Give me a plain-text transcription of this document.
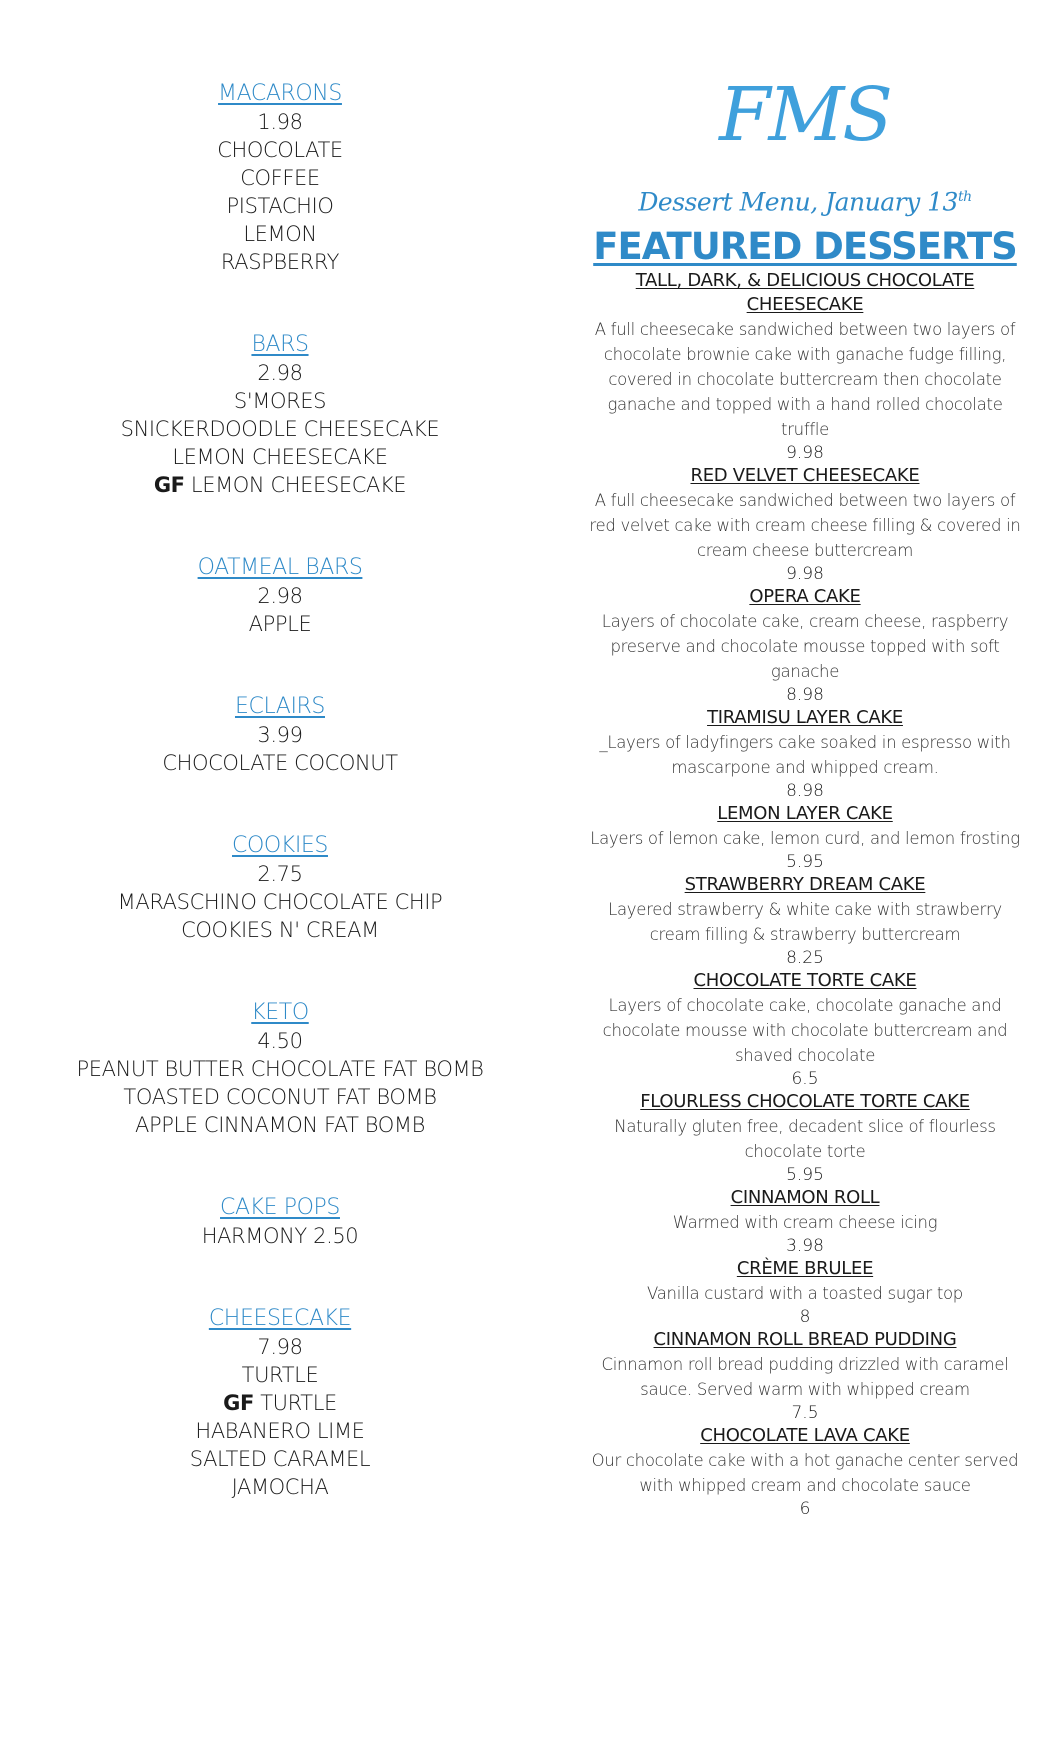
MACARONS
1.98
CHOCOLATE
COFFEE
PISTACHIO
LEMON
RASPBERRY
BARS
2.98
S'MORES
SNICKERDOODLE CHEESECAKE
LEMON CHEESECAKE
GF LEMON CHEESECAKE
OATMEAL BARS
2.98
APPLE
ECLAIRS
3.99
CHOCOLATE COCONUT
COOKIES
2.75
MARASCHINO CHOCOLATE CHIP
COOKIES N' CREAM
KETO
4.50
PEANUT BUTTER CHOCOLATE FAT BOMB
TOASTED COCONUT FAT BOMB
APPLE CINNAMON FAT BOMB
CAKE POPS
HARMONY 2.50
CHEESECAKE
7.98
TURTLE
GF TURTLE
HABANERO LIME
SALTED CARAMEL
JAMOCHA
FMS
Dessert Menu, January 13th
FEATURED DESSERTS
TALL, DARK, & DELICIOUS CHOCOLATE CHEESECAKE
A full cheesecake sandwiched between two layers of chocolate brownie cake with ganache fudge filling, covered in chocolate buttercream then chocolate ganache and topped with a hand rolled chocolate truffle
9.98
RED VELVET CHEESECAKE
A full cheesecake sandwiched between two layers of red velvet cake with cream cheese filling & covered in cream cheese buttercream
9.98
OPERA CAKE
Layers of chocolate cake, cream cheese, raspberry preserve and chocolate mousse topped with soft ganache
8.98
TIRAMISU LAYER CAKE
_Layers of ladyfingers cake soaked in espresso with mascarpone and whipped cream.
8.98
LEMON LAYER CAKE
Layers of lemon cake, lemon curd, and lemon frosting
5.95
STRAWBERRY DREAM CAKE
Layered strawberry & white cake with strawberry cream filling & strawberry buttercream
8.25
CHOCOLATE TORTE CAKE
Layers of chocolate cake, chocolate ganache and chocolate mousse with chocolate buttercream and shaved chocolate
6.5
FLOURLESS CHOCOLATE TORTE CAKE
Naturally gluten free, decadent slice of flourless chocolate torte
5.95
CINNAMON ROLL
Warmed with cream cheese icing
3.98
CRÈME BRULEE
Vanilla custard with a toasted sugar top
8
CINNAMON ROLL BREAD PUDDING
Cinnamon roll bread pudding drizzled with caramel sauce. Served warm with whipped cream
7.5
CHOCOLATE LAVA CAKE
Our chocolate cake with a hot ganache center served with whipped cream and chocolate sauce
6
